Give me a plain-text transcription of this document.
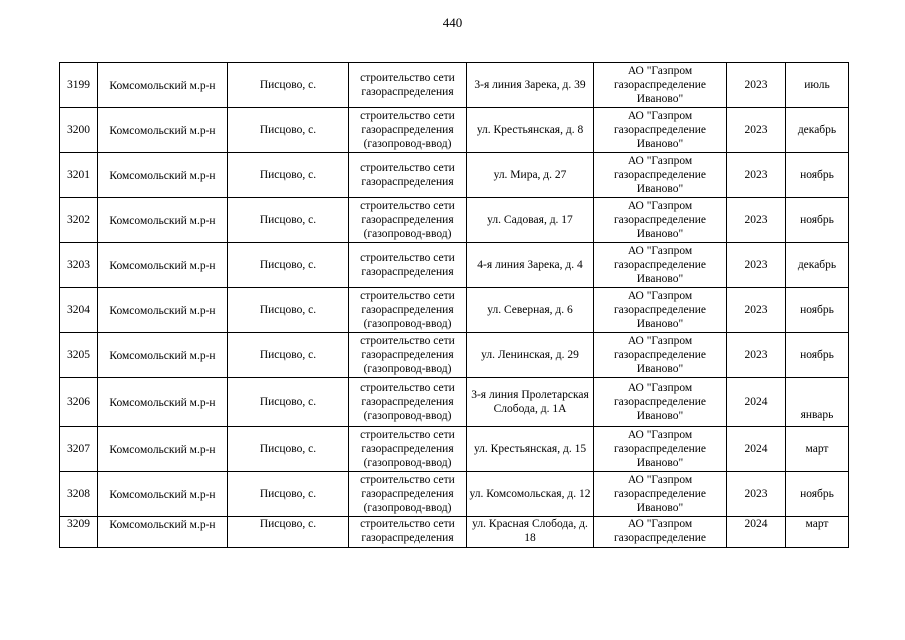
440
3199	Комсомольский м.р-н	Писцово, с.	строительство сети газораспределения	3-я линия Зарека, д. 39	АО "Газпром газораспределение Иваново"	2023	июль
3200	Комсомольский м.р-н	Писцово, с.	строительство сети газораспределения (газопровод-ввод)	ул. Крестьянская, д. 8	АО "Газпром газораспределение Иваново"	2023	декабрь
3201	Комсомольский м.р-н	Писцово, с.	строительство сети газораспределения	ул. Мира, д. 27	АО "Газпром газораспределение Иваново"	2023	ноябрь
3202	Комсомольский м.р-н	Писцово, с.	строительство сети газораспределения (газопровод-ввод)	ул. Садовая, д. 17	АО "Газпром газораспределение Иваново"	2023	ноябрь
3203	Комсомольский м.р-н	Писцово, с.	строительство сети газораспределения	4-я линия Зарека, д. 4	АО "Газпром газораспределение Иваново"	2023	декабрь
3204	Комсомольский м.р-н	Писцово, с.	строительство сети газораспределения (газопровод-ввод)	ул. Северная, д. 6	АО "Газпром газораспределение Иваново"	2023	ноябрь
3205	Комсомольский м.р-н	Писцово, с.	строительство сети газораспределения (газопровод-ввод)	ул. Ленинская, д. 29	АО "Газпром газораспределение Иваново"	2023	ноябрь
3206	Комсомольский м.р-н	Писцово, с.	строительство сети газораспределения (газопровод-ввод)	3-я линия Пролетарская Слобода, д. 1А	АО "Газпром газораспределение Иваново"	2024	январь
3207	Комсомольский м.р-н	Писцово, с.	строительство сети газораспределения (газопровод-ввод)	ул. Крестьянская, д. 15	АО "Газпром газораспределение Иваново"	2024	март
3208	Комсомольский м.р-н	Писцово, с.	строительство сети газораспределения (газопровод-ввод)	ул. Комсомольская, д. 12	АО "Газпром газораспределение Иваново"	2023	ноябрь
3209	Комсомольский м.р-н	Писцово, с.	строительство сети газораспределения	ул. Красная Слобода, д. 18	АО "Газпром газораспределение	2024	март
